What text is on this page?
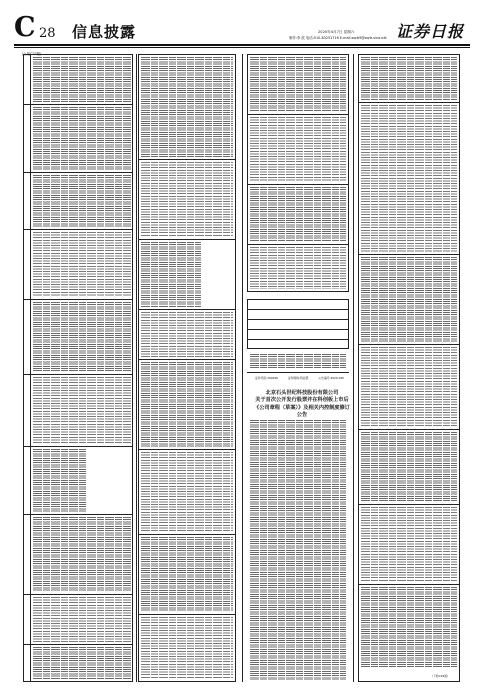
C 28 信息披露	2020年4月7日 星期六
制作:李 波 电话:010-83251716 E-mail:zqrb9@zqrb.sina.net 证券日报
(上接C27版)
证券代码:300296	证券简称:利亚德	公告编号:2020-030
北京石头世纪科技股份有限公司
关于首次公开发行股票并在科创板上市后
《公司章程（草案）》及相关内控制度修订
公告
(下转C29版)
